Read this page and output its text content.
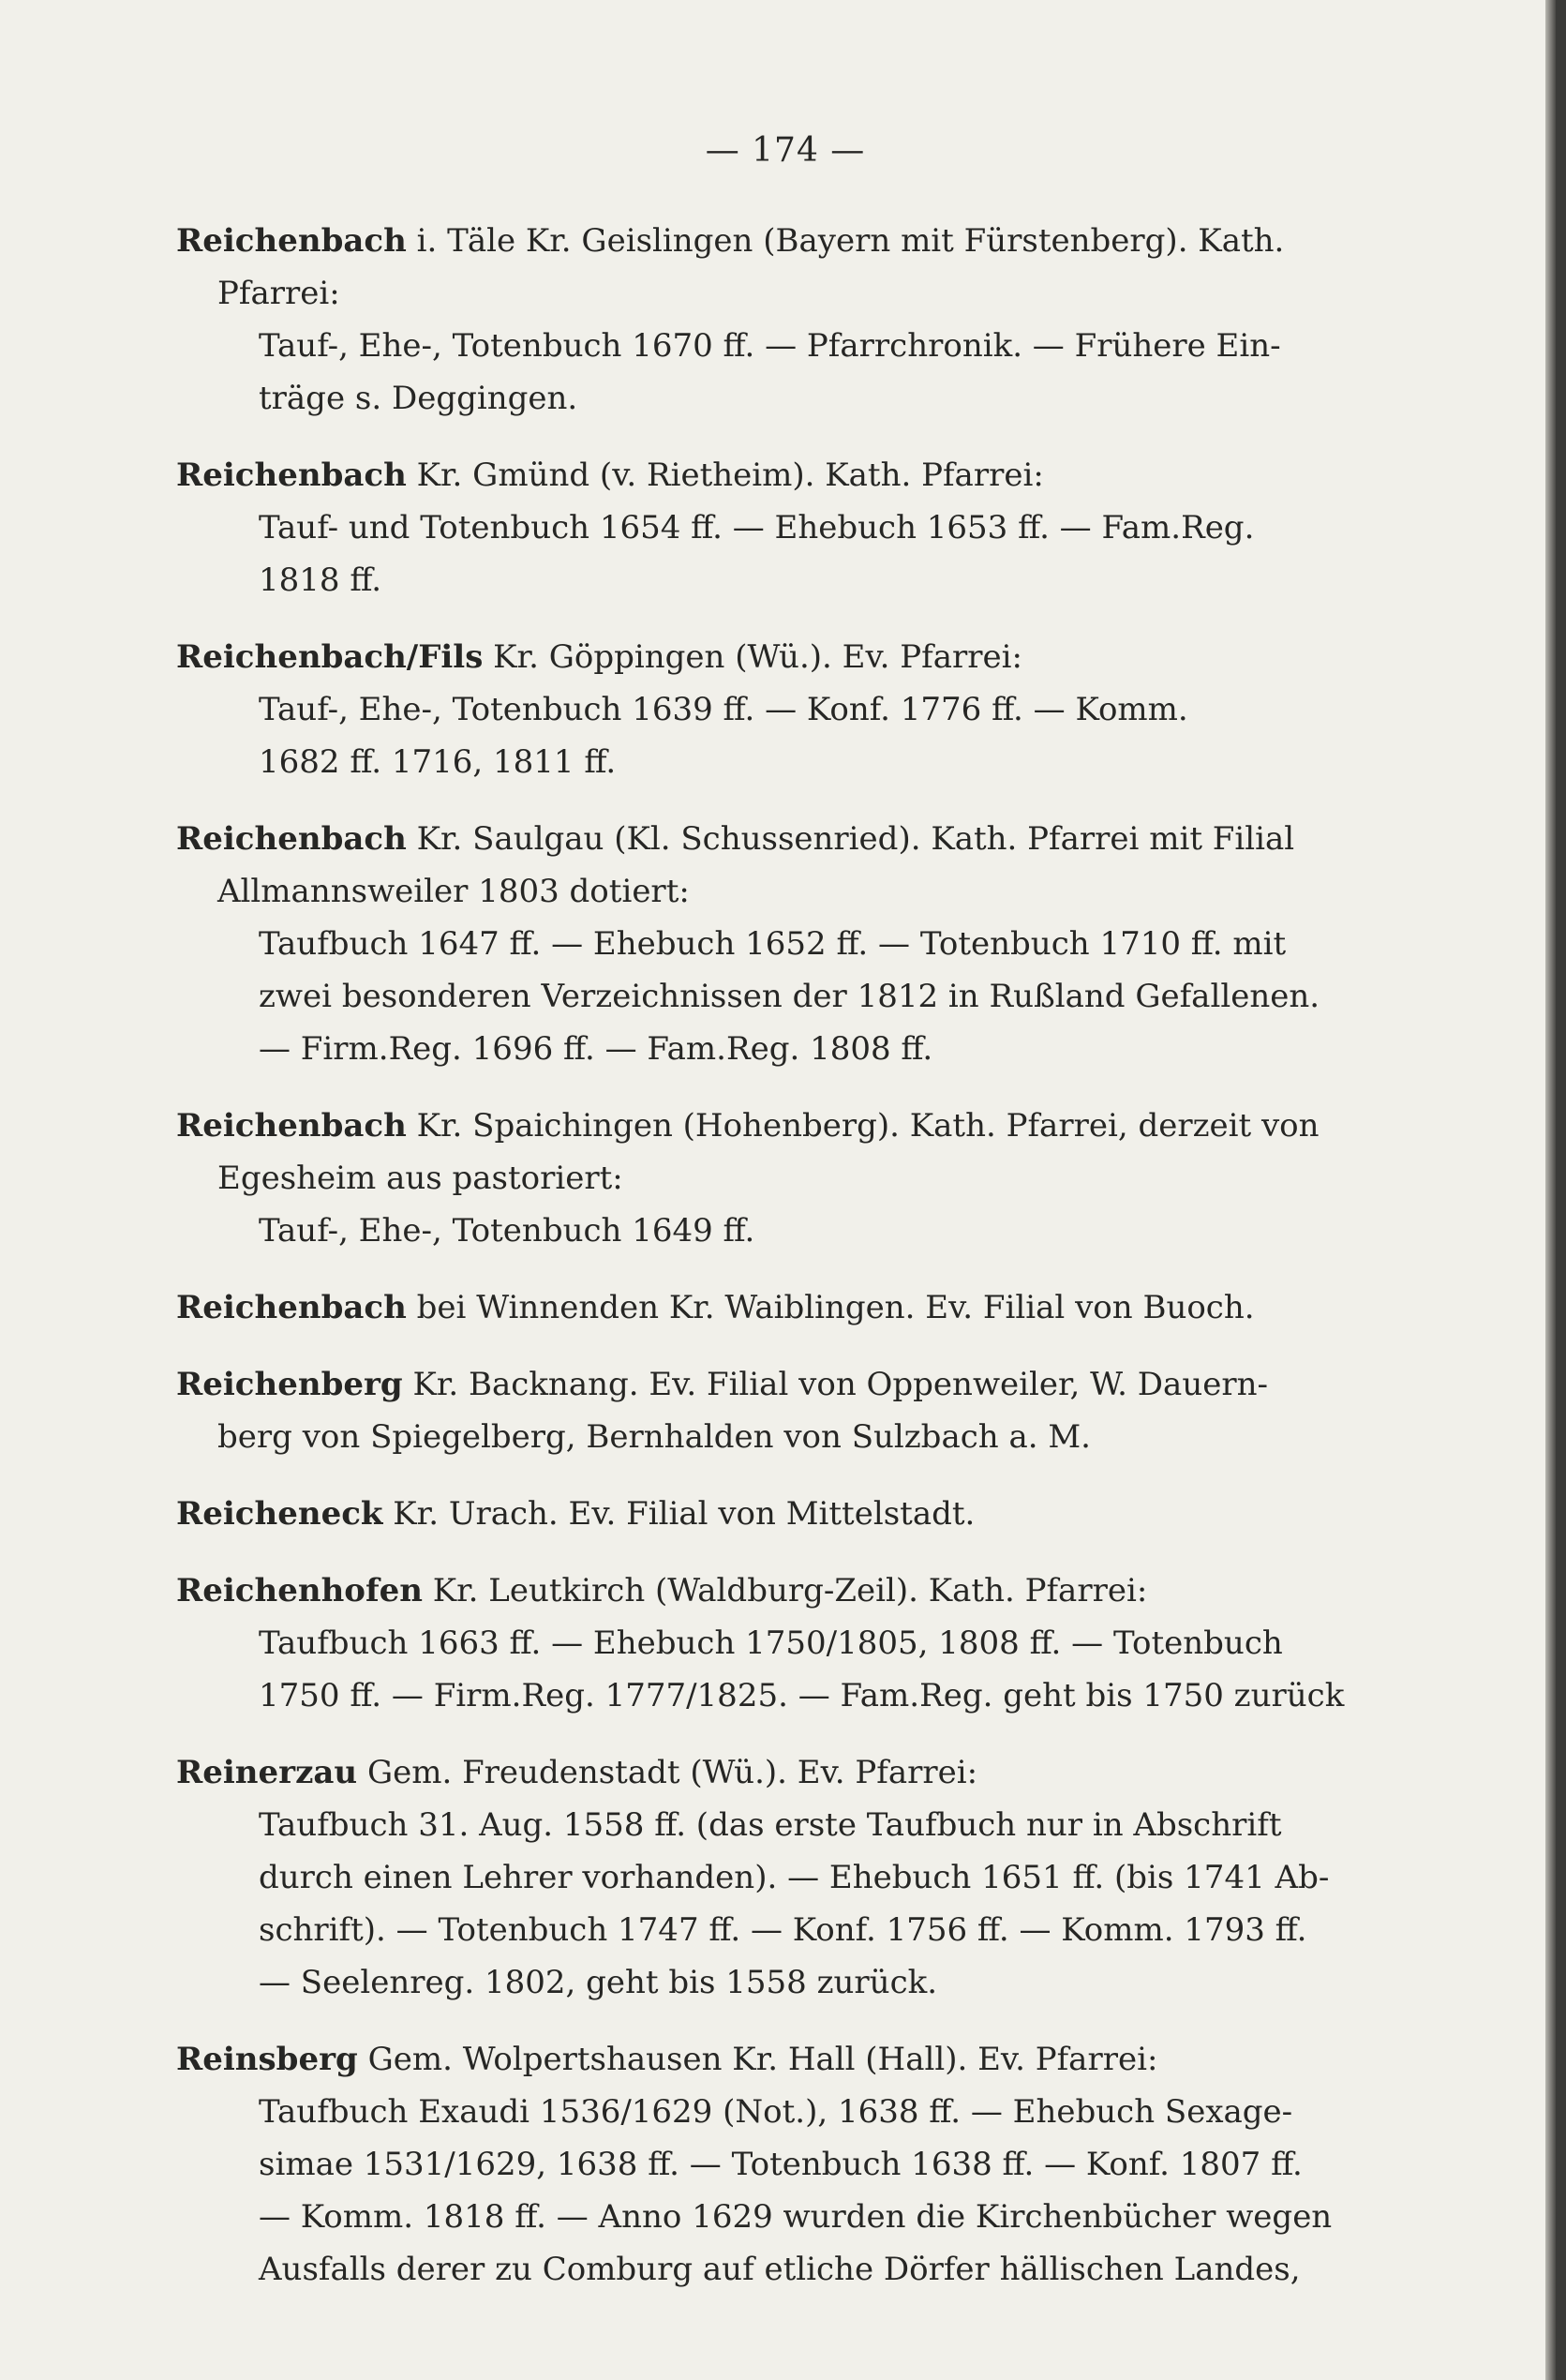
— 174 —

Reichenbach i. Täle Kr. Geislingen (Bayern mit Fürstenberg). Kath.

Pfarrei:

Tauf-, Ehe-, Totenbuch 1670 ff. — Pfarrchronik. — Frühere Ein-

träge s. Deggingen.

Reichenbach Kr. Gmünd (v. Rietheim). Kath. Pfarrei:

Tauf- und Totenbuch 1654 ff. — Ehebuch 1653 ff. — Fam.Reg.

1818 ff.

Reichenbach/Fils Kr. Göppingen (Wü.). Ev. Pfarrei:

Tauf-, Ehe-, Totenbuch 1639 ff. — Konf. 1776 ff. — Komm.

1682 ff. 1716, 1811 ff.

Reichenbach Kr. Saulgau (Kl. Schussenried). Kath. Pfarrei mit Filial

Allmannsweiler 1803 dotiert:

Taufbuch 1647 ff. — Ehebuch 1652 ff. — Totenbuch 1710 ff. mit

zwei besonderen Verzeichnissen der 1812 in Rußland Gefallenen.

— Firm.Reg. 1696 ff. — Fam.Reg. 1808 ff.

Reichenbach Kr. Spaichingen (Hohenberg). Kath. Pfarrei, derzeit von

Egesheim aus pastoriert:

Tauf-, Ehe-, Totenbuch 1649 ff.

Reichenbach bei Winnenden Kr. Waiblingen. Ev. Filial von Buoch.

Reichenberg Kr. Backnang. Ev. Filial von Oppenweiler, W. Dauern-

berg von Spiegelberg, Bernhalden von Sulzbach a. M.

Reicheneck Kr. Urach. Ev. Filial von Mittelstadt.

Reichenhofen Kr. Leutkirch (Waldburg-Zeil). Kath. Pfarrei:

Taufbuch 1663 ff. — Ehebuch 1750/1805, 1808 ff. — Totenbuch

1750 ff. — Firm.Reg. 1777/1825. — Fam.Reg. geht bis 1750 zurück

Reinerzau Gem. Freudenstadt (Wü.). Ev. Pfarrei:

Taufbuch 31. Aug. 1558 ff. (das erste Taufbuch nur in Abschrift

durch einen Lehrer vorhanden). — Ehebuch 1651 ff. (bis 1741 Ab-

schrift). — Totenbuch 1747 ff. — Konf. 1756 ff. — Komm. 1793 ff.

— Seelenreg. 1802, geht bis 1558 zurück.

Reinsberg Gem. Wolpertshausen Kr. Hall (Hall). Ev. Pfarrei:

Taufbuch Exaudi 1536/1629 (Not.), 1638 ff. — Ehebuch Sexage-

simae 1531/1629, 1638 ff. — Totenbuch 1638 ff. — Konf. 1807 ff.

— Komm. 1818 ff. — Anno 1629 wurden die Kirchenbücher wegen

Ausfalls derer zu Comburg auf etliche Dörfer hällischen Landes,
